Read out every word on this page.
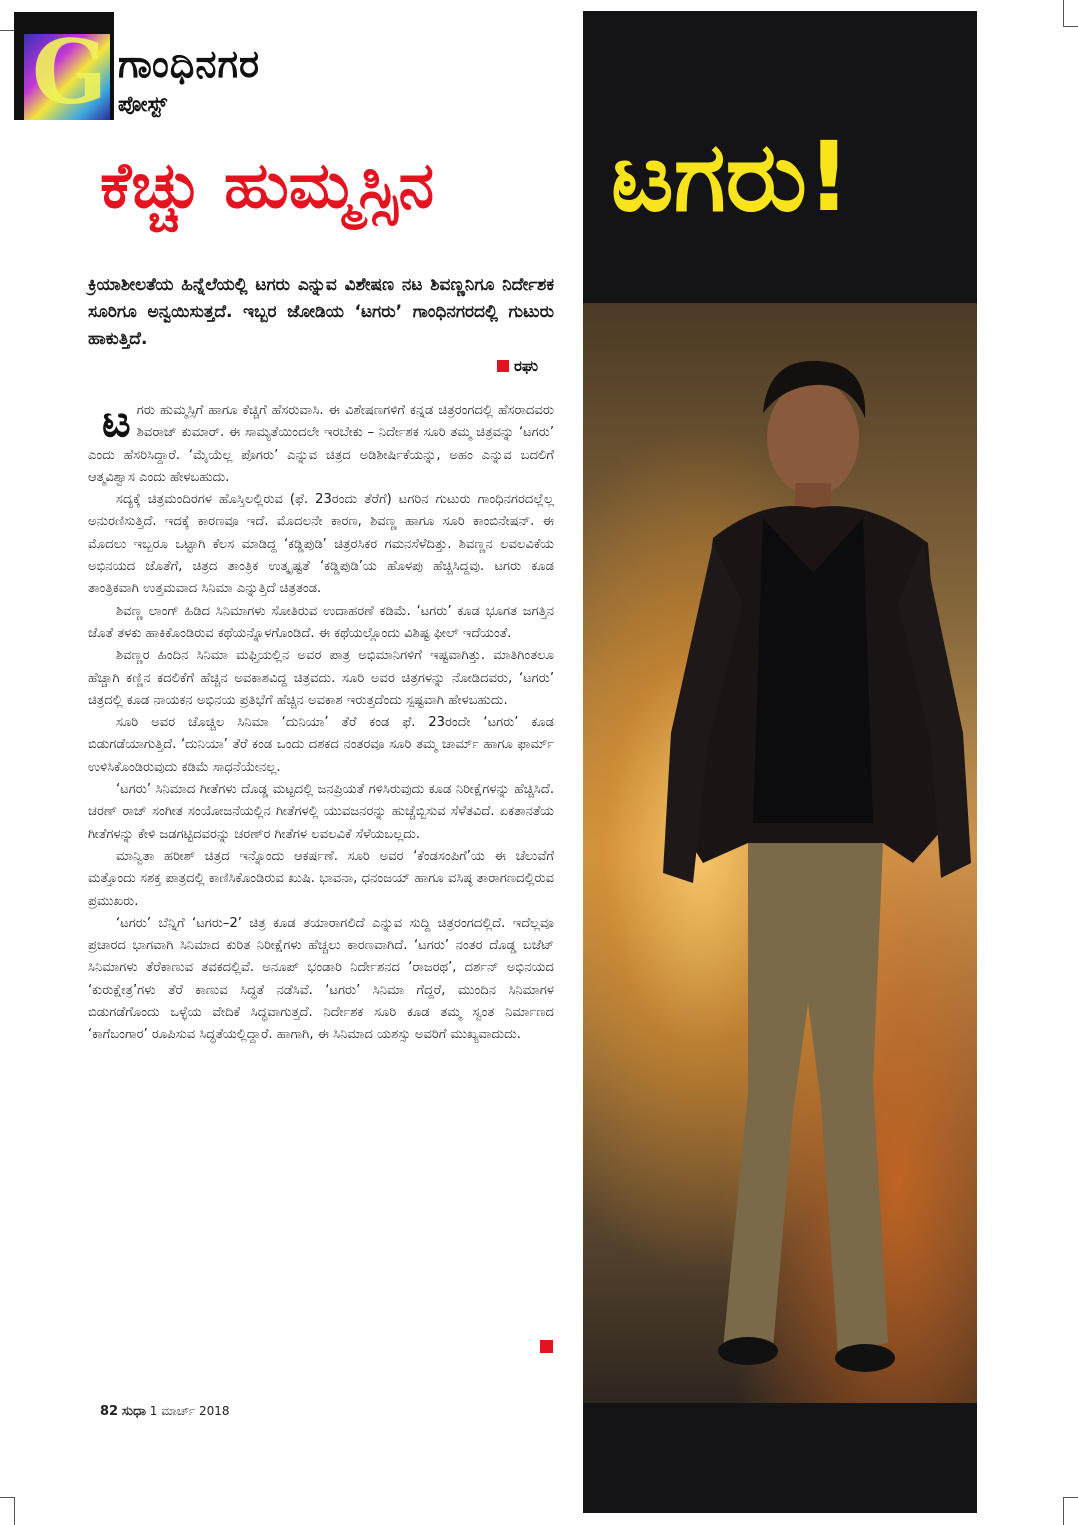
G ಗಾಂಧಿನಗರ
ಪೋಸ್ಟ್
ಕೆಚ್ಚು ಹುಮ್ಮಸ್ಸಿನ
ಕ್ರಿಯಾಶೀಲತೆಯ ಹಿನ್ನೆಲೆಯಲ್ಲಿ ಟಗರು ಎನ್ನುವ ವಿಶೇಷಣ ನಟ ಶಿವಣ್ಣನಿಗೂ ನಿರ್ದೇಶಕ ಸೂರಿಗೂ ಅನ್ವಯಿಸುತ್ತದೆ. ಇಬ್ಬರ ಜೋಡಿಯ ‘ಟಗರು’ ಗಾಂಧಿನಗರದಲ್ಲಿ ಗುಟುರು ಹಾಕುತ್ತಿದೆ.
ರಘು

ಟಗರು ಹುಮ್ಮಸ್ಸಿಗೆ ಹಾಗೂ ಕೆಚ್ಚಿಗೆ ಹೆಸರುವಾಸಿ. ಈ ವಿಶೇಷಣಗಳಿಗೆ ಕನ್ನಡ ಚಿತ್ರರಂಗದಲ್ಲಿ ಹೆಸರಾದವರು ಶಿವರಾಜ್ ಕುಮಾರ್. ಈ ಸಾಮ್ಯತೆಯಿಂದಲೇ ಇರಬೇಕು – ನಿರ್ದೇಶಕ ಸೂರಿ ತಮ್ಮ ಚಿತ್ರವನ್ನು ‘ಟಗರು’ ಎಂದು ಹೆಸರಿಸಿದ್ದಾರೆ. ‘ಮೈಯೆಲ್ಲ ಪೊಗರು’ ಎನ್ನುವ ಚಿತ್ರದ ಅಡಿಶೀರ್ಷಿಕೆಯನ್ನು, ಅಹಂ ಎನ್ನುವ ಬದಲಿಗೆ ಆತ್ಮವಿಶ್ವಾಸ ಎಂದು ಹೇಳಬಹುದು.

ಸದ್ಯಕ್ಕೆ ಚಿತ್ರಮಂದಿರಗಳ ಹೊಸ್ತಿಲಲ್ಲಿರುವ (ಫೆ. 23ರಂದು ತೆರೆಗೆ) ಟಗರಿನ ಗುಟುರು ಗಾಂಧಿನಗರದಲ್ಲೆಲ್ಲ ಅನುರಣಿಸುತ್ತಿದೆ. ಇದಕ್ಕೆ ಕಾರಣವೂ ಇದೆ. ಮೊದಲನೇ ಕಾರಣ, ಶಿವಣ್ಣ ಹಾಗೂ ಸೂರಿ ಕಾಂಬಿನೇಷನ್. ಈ ಮೊದಲು ಇಬ್ಬರೂ ಒಟ್ಟಾಗಿ ಕೆಲಸ ಮಾಡಿದ್ದ ‘ಕಡ್ಡಿಪುಡಿ’ ಚಿತ್ರರಸಿಕರ ಗಮನಸೆಳೆದಿತ್ತು. ಶಿವಣ್ಣನ ಲವಲವಿಕೆಯ ಅಭಿನಯದ ಜೊತೆಗೆ, ಚಿತ್ರದ ತಾಂತ್ರಿಕ ಉತ್ಕೃಷ್ಟತೆ ‘ಕಡ್ಡಿಪುಡಿ’ಯ ಹೊಳಪು ಹೆಚ್ಚಿಸಿದ್ದವು. ಟಗರು ಕೂಡ ತಾಂತ್ರಿಕವಾಗಿ ಉತ್ತಮವಾದ ಸಿನಿಮಾ ಎನ್ನುತ್ತಿದೆ ಚಿತ್ರತಂಡ.

ಶಿವಣ್ಣ ಲಾಂಗ್ ಹಿಡಿದ ಸಿನಿಮಾಗಳು ಸೋತಿರುವ ಉದಾಹರಣೆ ಕಡಿಮೆ. ‘ಟಗರು’ ಕೂಡ ಭೂಗತ ಜಗತ್ತಿನ ಜೊತೆ ತಳಕು ಹಾಕಿಕೊಂಡಿರುವ ಕಥೆಯನ್ನೊಳಗೊಂಡಿದೆ. ಈ ಕಥೆಯಲ್ಲೊಂದು ವಿಶಿಷ್ಟ ಫೀಲ್ ಇದೆಯಂತೆ.

ಶಿವಣ್ಣರ ಹಿಂದಿನ ಸಿನಿಮಾ ಮಫ್ತಿಯಲ್ಲಿನ ಅವರ ಪಾತ್ರ ಅಭಿಮಾನಿಗಳಿಗೆ ಇಷ್ಟವಾಗಿತ್ತು. ಮಾತಿಗಿಂತಲೂ ಹೆಚ್ಚಾಗಿ ಕಣ್ಣಿನ ಕದಲಿಕೆಗೆ ಹೆಚ್ಚಿನ ಅವಕಾಶವಿದ್ದ ಚಿತ್ರವದು. ಸೂರಿ ಅವರ ಚಿತ್ರಗಳನ್ನು ನೋಡಿದವರು, ‘ಟಗರು’ ಚಿತ್ರದಲ್ಲಿ ಕೂಡ ನಾಯಕನ ಅಭಿನಯ ಪ್ರತಿಭೆಗೆ ಹೆಚ್ಚಿನ ಅವಕಾಶ ಇರುತ್ತದೆಂದು ಸ್ಪಷ್ಟವಾಗಿ ಹೇಳಬಹುದು.

ಸೂರಿ ಅವರ ಚೊಚ್ಚಿಲ ಸಿನಿಮಾ ‘ದುನಿಯಾ’ ತೆರೆ ಕಂಡ ಫೆ. 23ರಂದೇ ‘ಟಗರು’ ಕೂಡ ಬಿಡುಗಡೆಯಾಗುತ್ತಿದೆ. ‘ದುನಿಯಾ’ ತೆರೆ ಕಂಡ ಒಂದು ದಶಕದ ನಂತರವೂ ಸೂರಿ ತಮ್ಮ ಚಾರ್ಮ್ ಹಾಗೂ ಫಾರ್ಮ್ ಉಳಿಸಿಕೊಂಡಿರುವುದು ಕಡಿಮೆ ಸಾಧನೆಯೇನಲ್ಲ.

‘ಟಗರು’ ಸಿನಿಮಾದ ಗೀತೆಗಳು ದೊಡ್ಡ ಮಟ್ಟದಲ್ಲಿ ಜನಪ್ರಿಯತೆ ಗಳಿಸಿರುವುದು ಕೂಡ ನಿರೀಕ್ಷೆಗಳನ್ನು ಹೆಚ್ಚಿಸಿದೆ. ಚರಣ್ ರಾಜ್ ಸಂಗೀತ ಸಂಯೋಜನೆಯಲ್ಲಿನ ಗೀತೆಗಳಲ್ಲಿ ಯುವಜನರನ್ನು ಹುಚ್ಚೆಬ್ಬಿಸುವ ಸೆಳೆತವಿದೆ. ಏಕತಾನತೆಯ ಗೀತೆಗಳನ್ನು ಕೇಳಿ ಜಡಗಟ್ಟಿದವರನ್ನು ಚರಣ್‌ರ ಗೀತೆಗಳ ಲವಲವಿಕೆ ಸೆಳೆಯಬಲ್ಲದು.

ಮಾನ್ವಿತಾ ಹರೀಶ್ ಚಿತ್ರದ ಇನ್ನೊಂದು ಆಕರ್ಷಣೆ. ಸೂರಿ ಅವರ ‘ಕೆಂಡಸಂಪಿಗೆ’ಯ ಈ ಚೆಲುವೆಗೆ ಮತ್ತೊಂದು ಸಶಕ್ತ ಪಾತ್ರದಲ್ಲಿ ಕಾಣಿಸಿಕೊಂಡಿರುವ ಖುಷಿ. ಭಾವನಾ, ಧನಂಜಯ್ ಹಾಗೂ ವಸಿಷ್ಠ ತಾರಾಗಣದಲ್ಲಿರುವ ಪ್ರಮುಖರು.

‘ಟಗರು’ ಬೆನ್ನಿಗೆ ‘ಟಗರು–2’ ಚಿತ್ರ ಕೂಡ ತಯಾರಾಗಲಿದೆ ಎನ್ನುವ ಸುದ್ದಿ ಚಿತ್ರರಂಗದಲ್ಲಿದೆ. ಇದೆಲ್ಲವೂ ಪ್ರಚಾರದ ಭಾಗವಾಗಿ ಸಿನಿಮಾದ ಕುರಿತ ನಿರೀಕ್ಷೆಗಳು ಹೆಚ್ಚಲು ಕಾರಣವಾಗಿದೆ. ‘ಟಗರು’ ನಂತರ ದೊಡ್ಡ ಬಜೆಟ್ ಸಿನಿಮಾಗಳು ತೆರೆಕಾಣುವ ತವಕದಲ್ಲಿವೆ. ಅನೂಪ್ ಭಂಡಾರಿ ನಿರ್ದೇಶನದ ‘ರಾಜರಥ’, ದರ್ಶನ್ ಅಭಿನಯದ ‘ಕುರುಕ್ಷೇತ್ರ’ಗಳು ತೆರೆ ಕಾಣುವ ಸಿದ್ಧತೆ ನಡೆಸಿವೆ. ‘ಟಗರು’ ಸಿನಿಮಾ ಗೆದ್ದರೆ, ಮುಂದಿನ ಸಿನಿಮಾಗಳ ಬಿಡುಗಡೆಗೊಂದು ಒಳ್ಳೆಯ ವೇದಿಕೆ ಸಿದ್ಧವಾಗುತ್ತದೆ. ನಿರ್ದೇಶಕ ಸೂರಿ ಕೂಡ ತಮ್ಮ ಸ್ವಂತ ನಿರ್ಮಾಣದ ‘ಕಾಗೆಬಂಗಾರ’ ರೂಪಿಸುವ ಸಿದ್ಧತೆಯಲ್ಲಿದ್ದಾರೆ. ಹಾಗಾಗಿ, ಈ ಸಿನಿಮಾದ ಯಶಸ್ಸು ಅವರಿಗೆ ಮುಖ್ಯವಾದುದು.

82 ಸುಧಾ 1 ಮಾರ್ಚ್ 2018
ಟಗರು!
